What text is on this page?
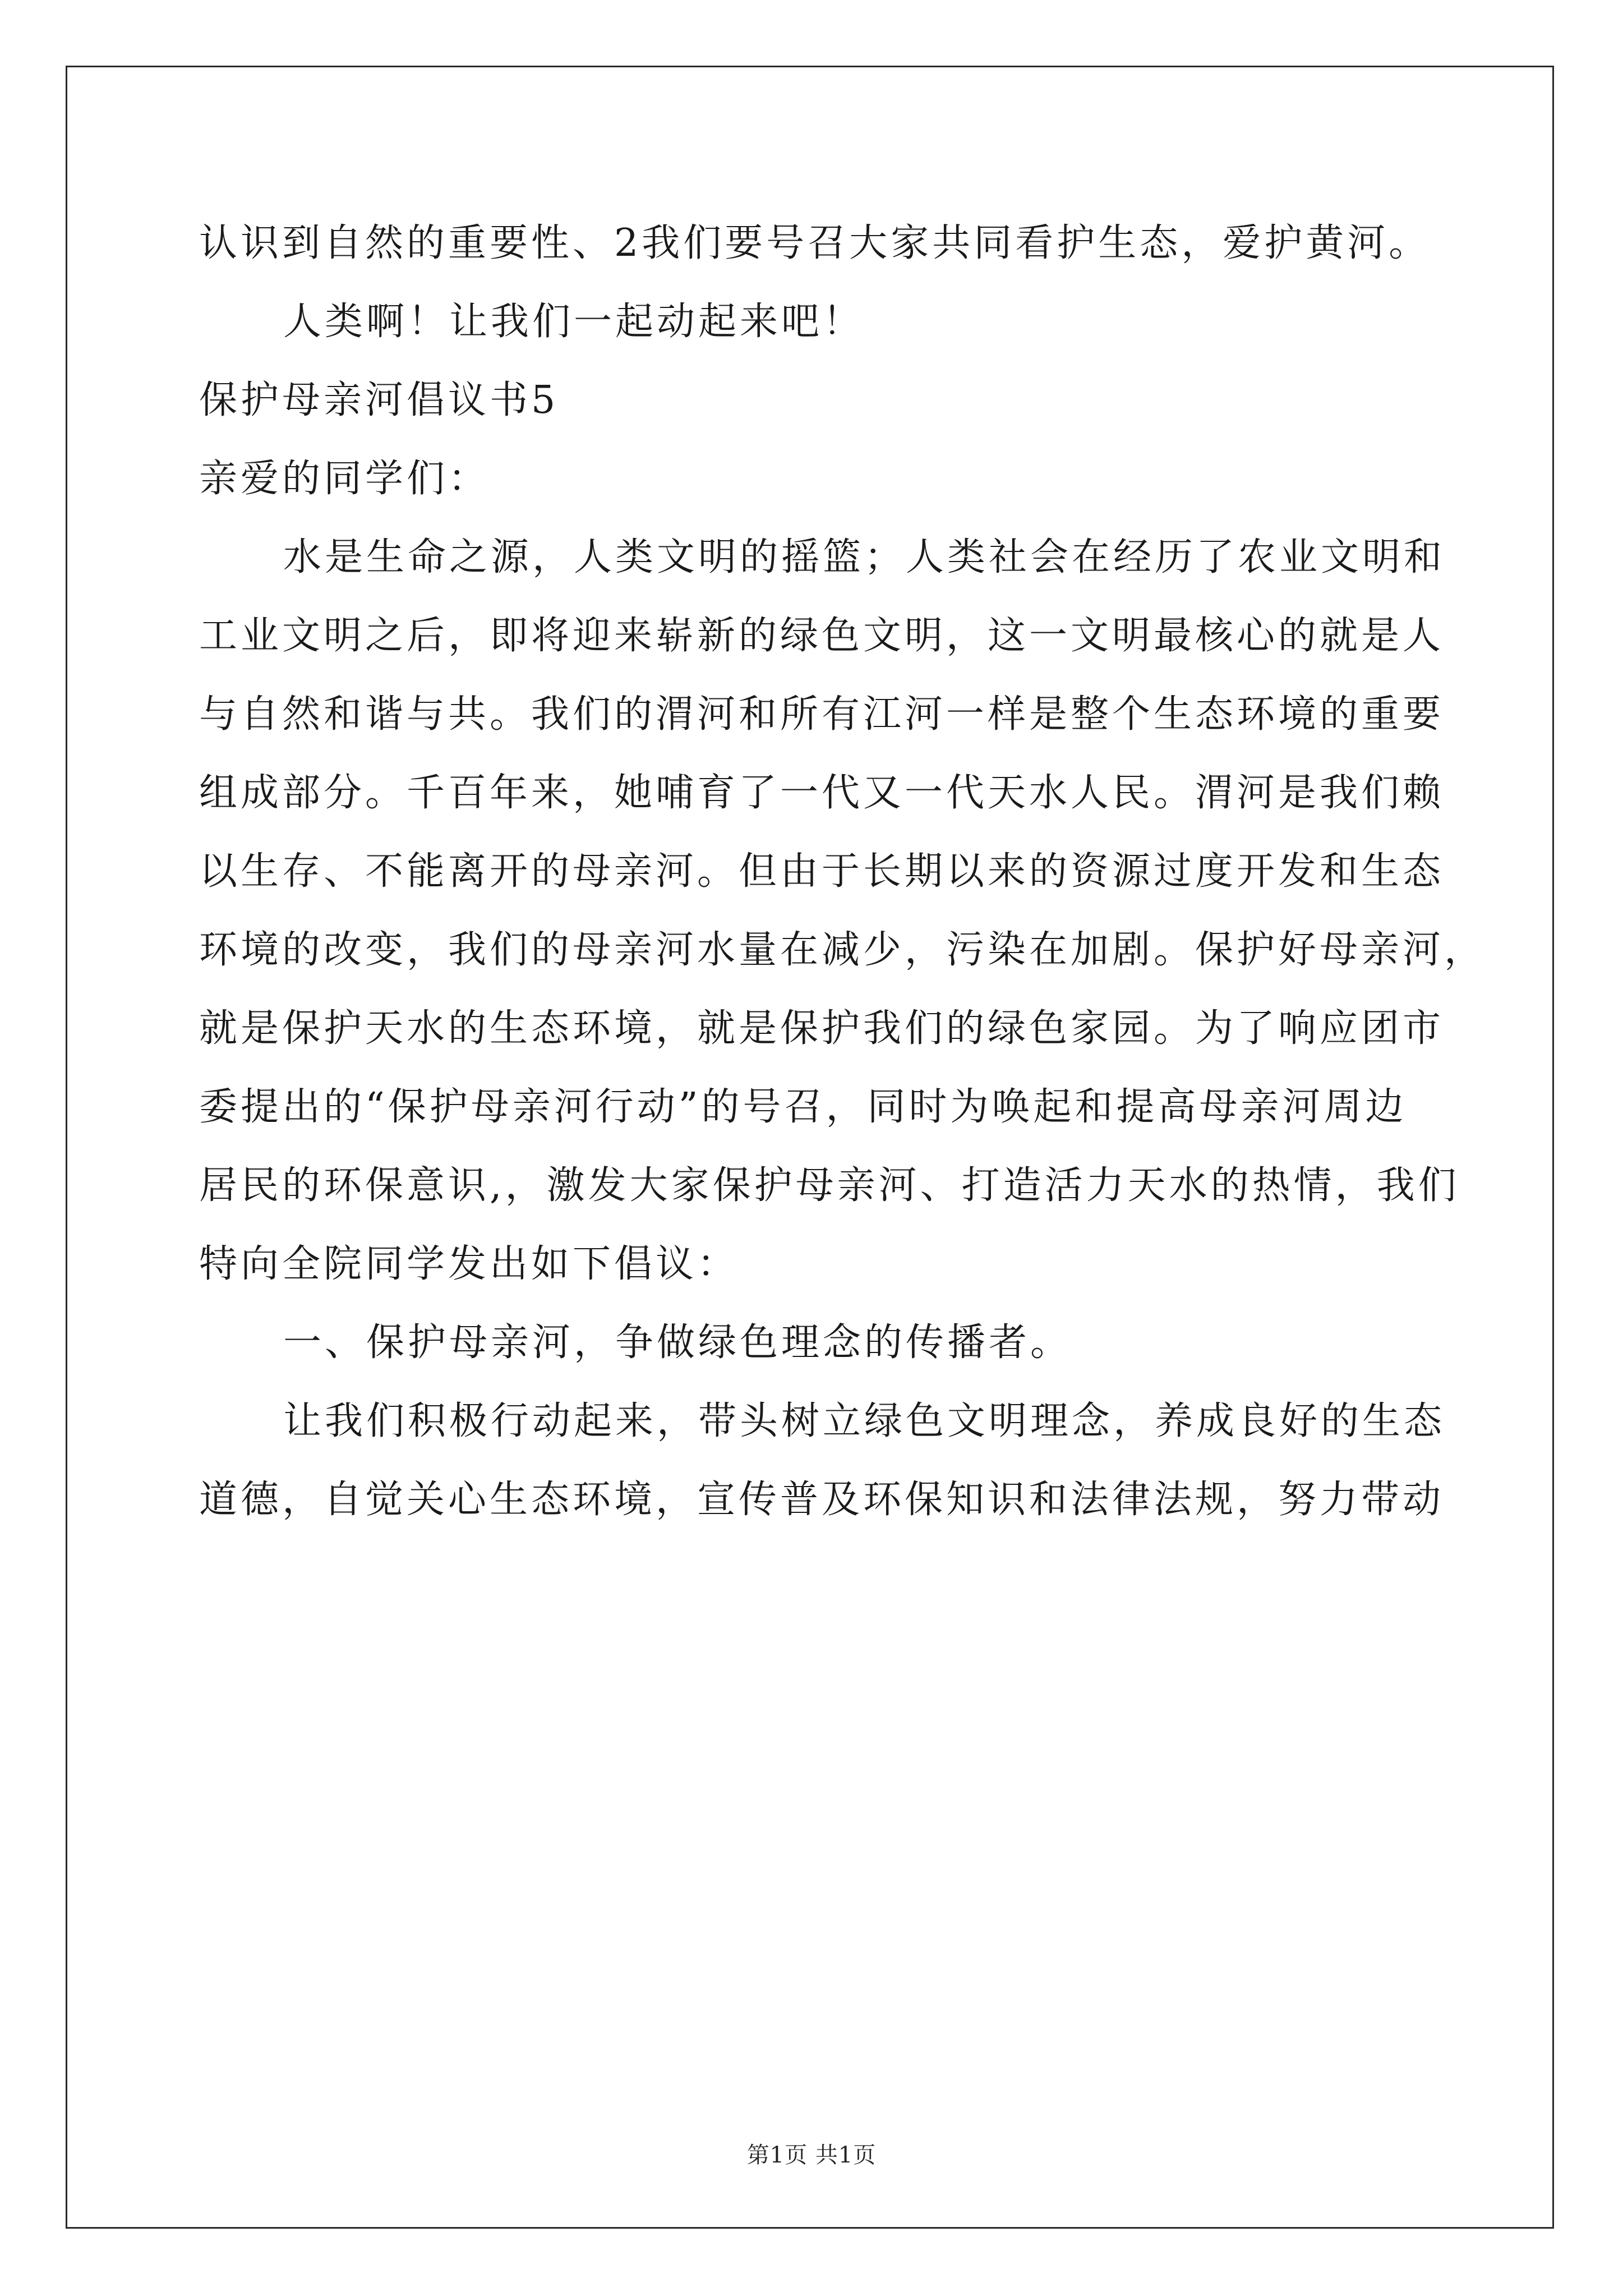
认识到自然的重要性、2我们要号召大家共同看护生态，爱护黄河。
人类啊！让我们一起动起来吧！
保护母亲河倡议书5
亲爱的同学们：
水是生命之源，人类文明的摇篮；人类社会在经历了农业文明和
工业文明之后，即将迎来崭新的绿色文明，这一文明最核心的就是人
与自然和谐与共。我们的渭河和所有江河一样是整个生态环境的重要
组成部分。千百年来，她哺育了一代又一代天水人民。渭河是我们赖
以生存、不能离开的母亲河。但由于长期以来的资源过度开发和生态
环境的改变，我们的母亲河水量在减少，污染在加剧。保护好母亲河，
就是保护天水的生态环境，就是保护我们的绿色家园。为了响应团市
委提出的“保护母亲河行动”的号召，同时为唤起和提高母亲河周边
居民的环保意识,，激发大家保护母亲河、打造活力天水的热情，我们
特向全院同学发出如下倡议：
一、保护母亲河，争做绿色理念的传播者。
让我们积极行动起来，带头树立绿色文明理念，养成良好的生态
道德，自觉关心生态环境，宣传普及环保知识和法律法规，努力带动
第1页 共1页
